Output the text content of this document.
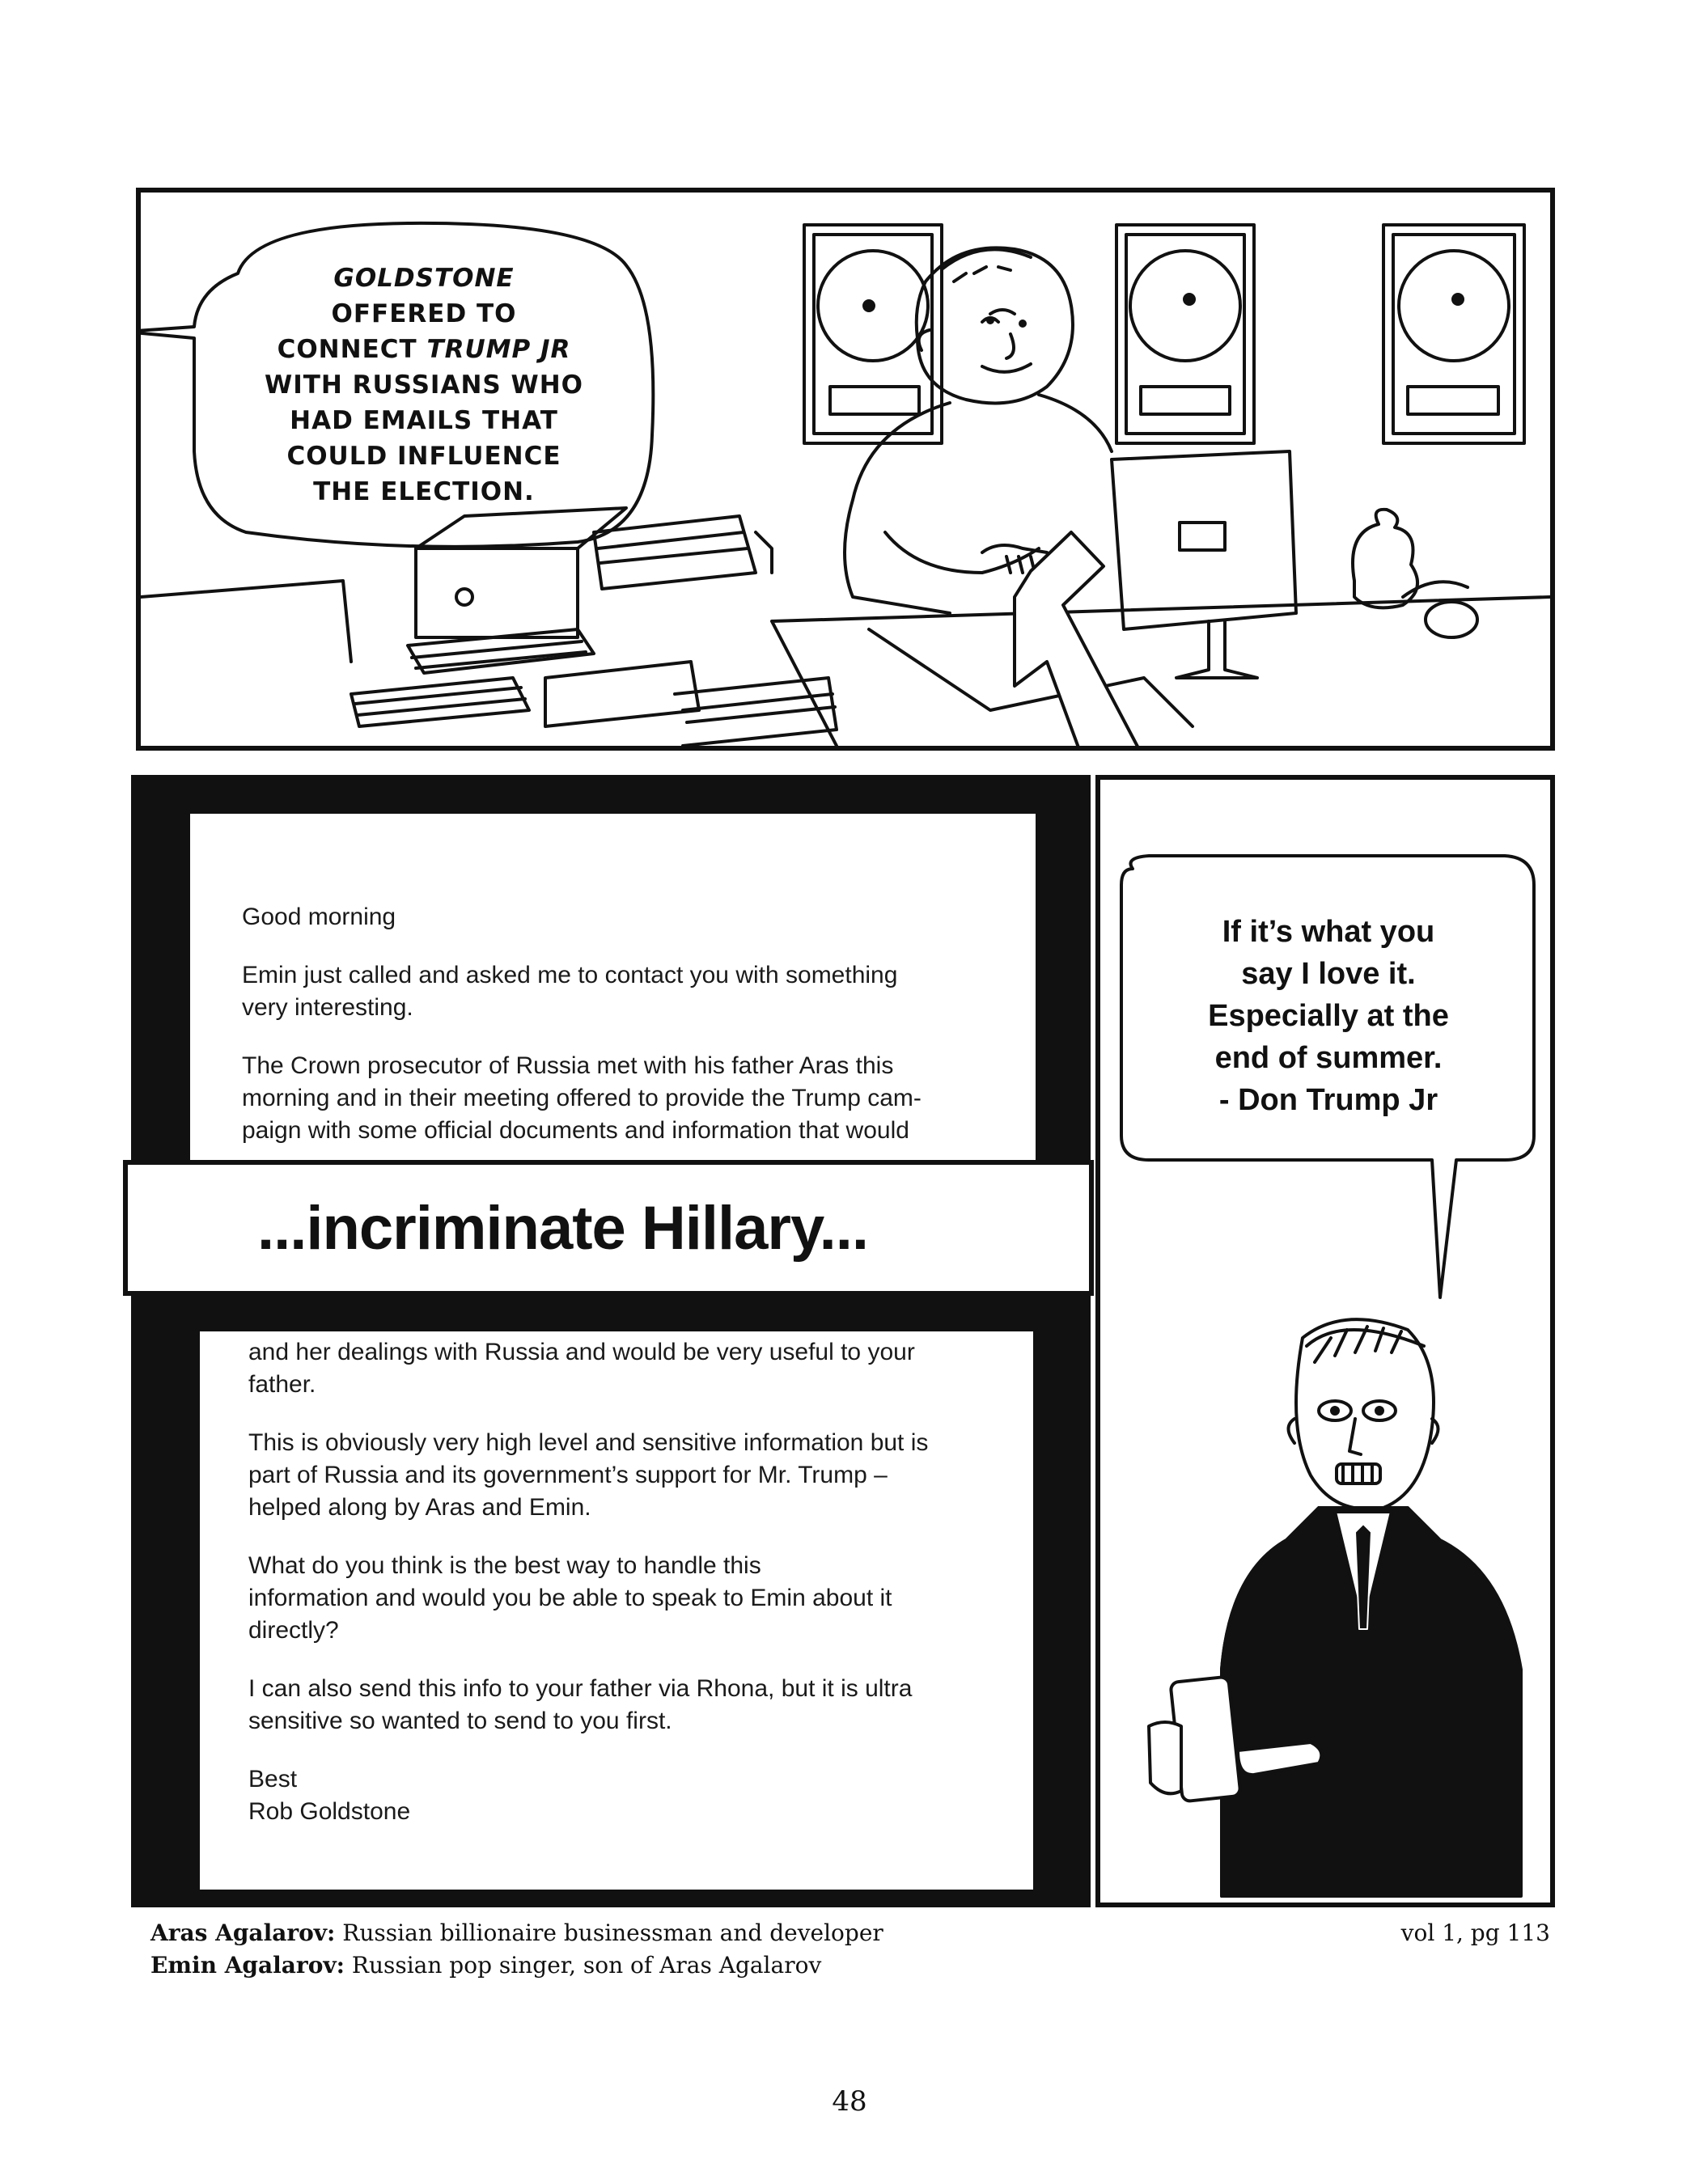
GOLDSTONE
OFFERED TO
CONNECT TRUMP JR
WITH RUSSIANS WHO
HAD EMAILS THAT
COULD INFLUENCE
THE ELECTION.

Good morning

Emin just called and asked me to contact you with something
very interesting.

The Crown prosecutor of Russia met with his father Aras this
morning and in their meeting offered to provide the Trump cam-
paign with some official documents and information that would

...incriminate Hillary...

and her dealings with Russia and would be very useful to your
father.

This is obviously very high level and sensitive information but is
part of Russia and its government’s support for Mr. Trump –
helped along by Aras and Emin.

What do you think is the best way to handle this
information and would you be able to speak to Emin about it
directly?

I can also send this info to your father via Rhona, but it is ultra
sensitive so wanted to send to you first.

Best
Rob Goldstone

If it’s what you
say I love it.
Especially at the
end of summer.
- Don Trump Jr
Aras Agalarov: Russian billionaire businessman and developer
Emin Agalarov: Russian pop singer, son of Aras Agalarov
vol 1, pg 113
48
